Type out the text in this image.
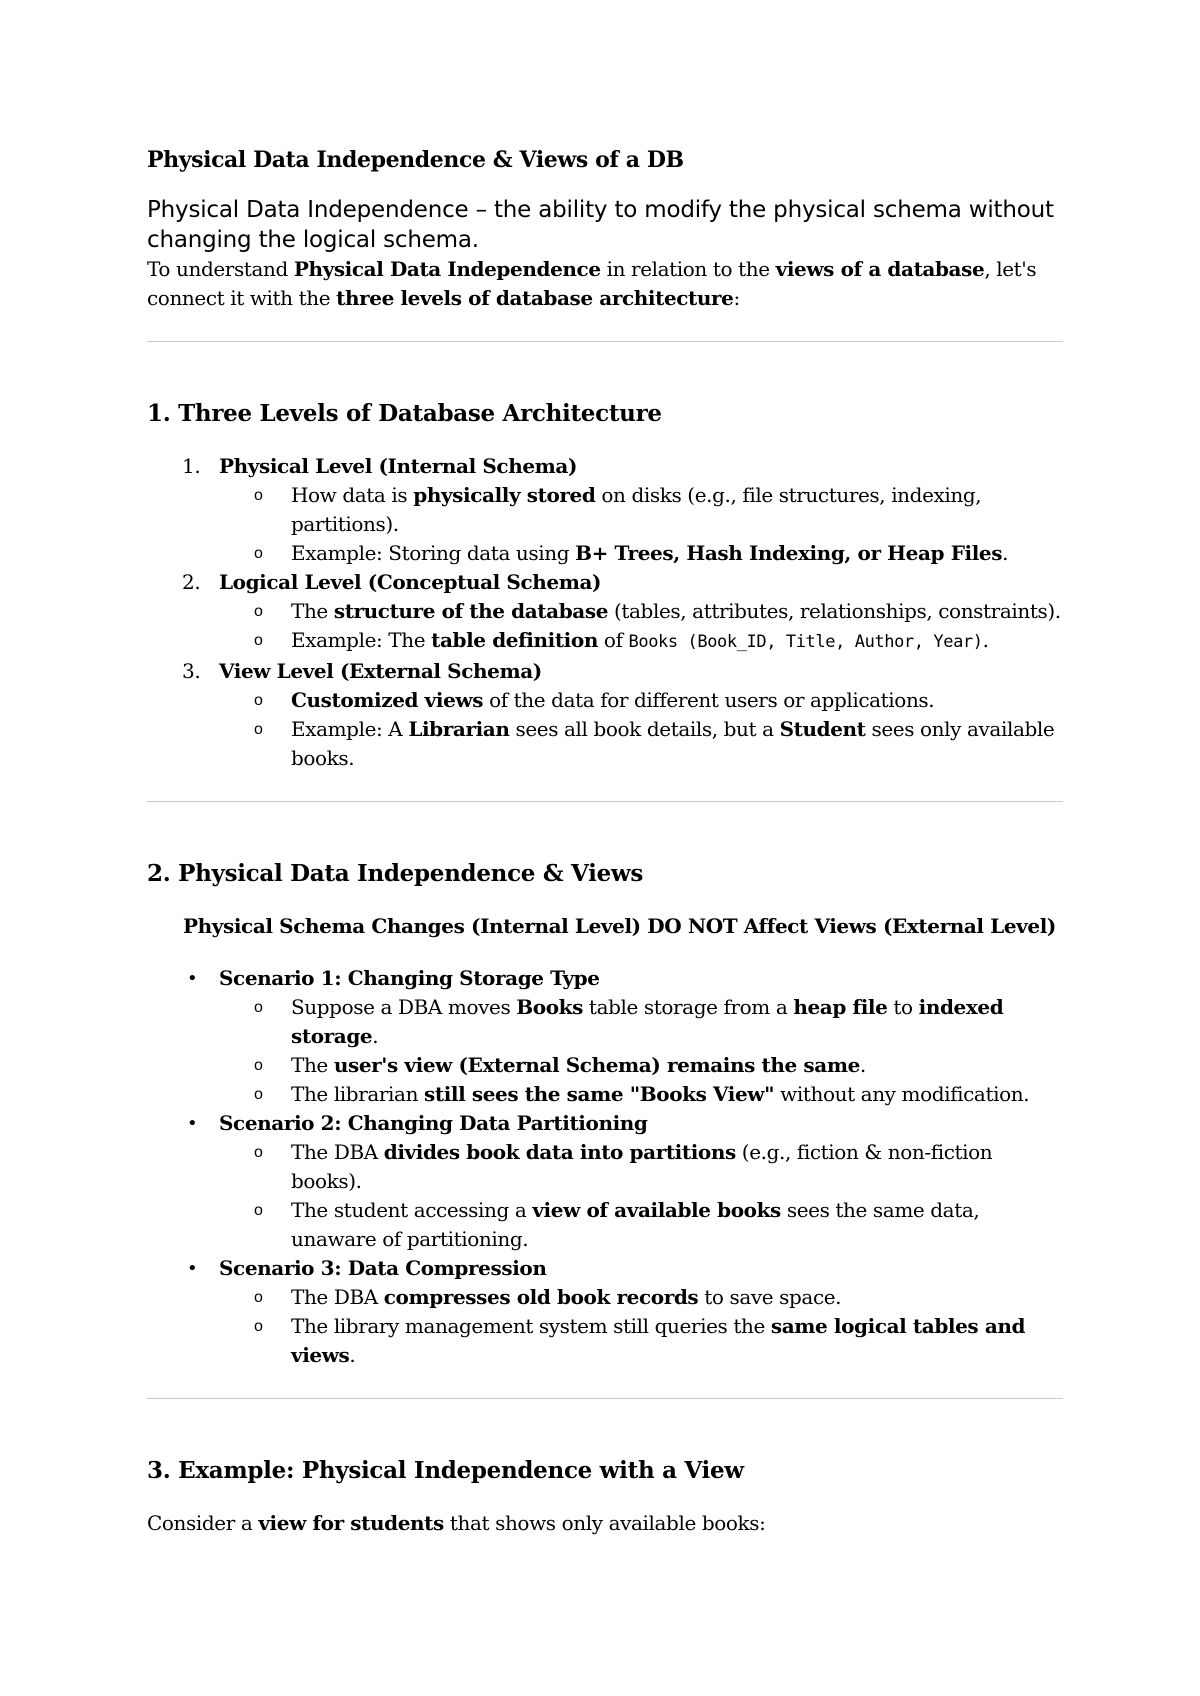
Physical Data Independence & Views of a DB
Physical Data Independence – the ability to modify the physical schema without changing the logical schema.
To understand Physical Data Independence in relation to the views of a database, let's connect it with the three levels of database architecture:
1. Three Levels of Database Architecture
1. Physical Level (Internal Schema)
o How data is physically stored on disks (e.g., file structures, indexing, partitions).
o Example: Storing data using B+ Trees, Hash Indexing, or Heap Files.
2. Logical Level (Conceptual Schema)
o The structure of the database (tables, attributes, relationships, constraints).
o Example: The table definition of Books (Book_ID, Title, Author, Year).
3. View Level (External Schema)
o Customized views of the data for different users or applications.
o Example: A Librarian sees all book details, but a Student sees only available books.
2. Physical Data Independence & Views
Physical Schema Changes (Internal Level) DO NOT Affect Views (External Level)
• Scenario 1: Changing Storage Type
o Suppose a DBA moves Books table storage from a heap file to indexed storage.
o The user's view (External Schema) remains the same.
o The librarian still sees the same "Books View" without any modification.
• Scenario 2: Changing Data Partitioning
o The DBA divides book data into partitions (e.g., fiction & non-fiction books).
o The student accessing a view of available books sees the same data, unaware of partitioning.
• Scenario 3: Data Compression
o The DBA compresses old book records to save space.
o The library management system still queries the same logical tables and views.
3. Example: Physical Independence with a View
Consider a view for students that shows only available books:
